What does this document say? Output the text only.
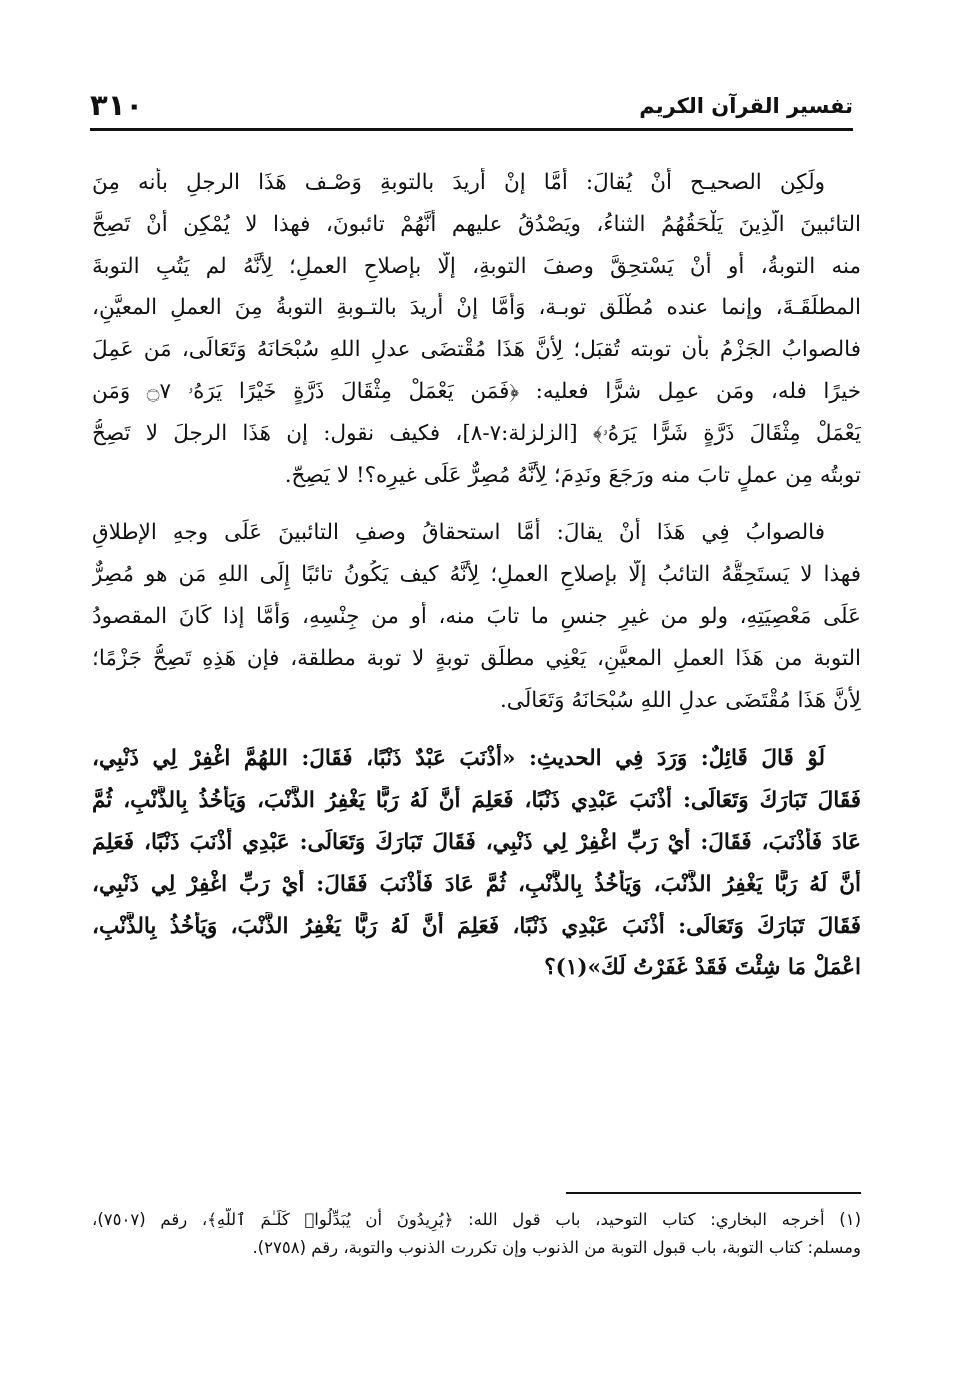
٣١٠	تفسير القرآن الكريم
ولَكِن الصحيـح أنْ يُقالَ: أمَّا إنْ أُريدَ بالتوبةِ وَصْـف هَذَا الرجلِ بأنه مِنَ
التائبينَ الَّذِينَ يَلْحَقُهُمُ الثناءُ، ويَصْدُقُ عليهم أنَّهُمْ تائبونَ، فهذا لا يُمْكِن أنْ تَصِحَّ
منه التوبةُ، أو أنْ يَسْتحِقَّ وصفَ التوبةِ، إلَّا بإصلاحِ العملِ؛ لِأنَّهُ لم يَتُبِ التوبةَ
المطلَقَـةَ، وإنما عنده مُطْلَق توبـة، وَأَمَّا إنْ أُريدَ بالتـوبةِ التوبةُ مِنَ العملِ المعيَّنِ،
فالصوابُ الجَزْمُ بأن توبته تُقبَل؛ لِأنَّ هَذَا مُقْتضَى عدلِ اللهِ سُبْحَانَهُ وَتَعَالَى، مَن عَمِلَ
خيرًا فله، ومَن عمِل شرًّا فعليه: ﴿فَمَن يَعْمَلْ مِثْقَالَ ذَرَّةٍ خَيْرًا يَرَهُۥ ۝٧ وَمَن
يَعْمَلْ مِثْقَالَ ذَرَّةٍ شَرًّا يَرَهُۥ﴾ [الزلزلة:٧-٨]، فكيف نقول: إن هَذَا الرجلَ لا تَصِحُّ
توبتُه مِن عملٍ تابَ منه ورَجَعَ ونَدِمَ؛ لِأنَّهُ مُصِرٌّ عَلَى غيرِه؟! لا يَصِحّ.
فالصوابُ فِي هَذَا أنْ يقالَ: أمَّا استحقاقُ وصفِ التائبينَ عَلَى وجهِ الإطلاقِ
فهذا لا يَستَحِقُّهُ التائبُ إلَّا بإصلاحِ العملِ؛ لِأنَّهُ كيف يَكُونُ تائبًا إِلَى اللهِ مَن هو مُصِرٌّ
عَلَى مَعْصِيَتِهِ، ولو من غيرِ جنسِ ما تابَ منه، أو من جِنْسِهِ، وَأَمَّا إذا كَانَ المقصودُ
التوبة من هَذَا العملِ المعيَّنِ، يَعْنِي مطلَق توبةٍ لا توبة مطلقة، فإن هَذِهِ تَصِحُّ جَزْمًا؛
لِأنَّ هَذَا مُقْتَضَى عدلِ اللهِ سُبْحَانَهُ وَتَعَالَى.
لَوْ قَالَ قَائِلٌ: وَرَدَ فِي الحديثِ: «أَذْنَبَ عَبْدٌ ذَنْبًا، فَقَالَ: اللهُمَّ اغْفِرْ لِي ذَنْبِي،
فَقَالَ تَبَارَكَ وَتَعَالَى: أَذْنَبَ عَبْدِي ذَنْبًا، فَعَلِمَ أَنَّ لَهُ رَبًّا يَغْفِرُ الذَّنْبَ، وَيَأْخُذُ بِالذَّنْبِ، ثُمَّ
عَادَ فَأَذْنَبَ، فَقَالَ: أَيْ رَبِّ اغْفِرْ لِي ذَنْبِي، فَقَالَ تَبَارَكَ وَتَعَالَى: عَبْدِي أَذْنَبَ ذَنْبًا، فَعَلِمَ
أَنَّ لَهُ رَبًّا يَغْفِرُ الذَّنْبَ، وَيَأْخُذُ بِالذَّنْبِ، ثُمَّ عَادَ فَأَذْنَبَ فَقَالَ: أَيْ رَبِّ اغْفِرْ لِي ذَنْبِي،
فَقَالَ تَبَارَكَ وَتَعَالَى: أَذْنَبَ عَبْدِي ذَنْبًا، فَعَلِمَ أَنَّ لَهُ رَبًّا يَغْفِرُ الذَّنْبَ، وَيَأْخُذُ بِالذَّنْبِ،
اعْمَلْ مَا شِئْتَ فَقَدْ غَفَرْتُ لَكَ»(١)؟
(١) أخرجه البخاري: كتاب التوحيد، باب قول الله: ﴿يُرِيدُونَ أَن يُبَدِّلُوا۟ كَلَـٰمَ ٱللَّهِ﴾، رقم (٧٥٠٧)،
ومسلم: كتاب التوبة، باب قبول التوبة من الذنوب وإن تكررت الذنوب والتوبة، رقم (٢٧٥٨).
